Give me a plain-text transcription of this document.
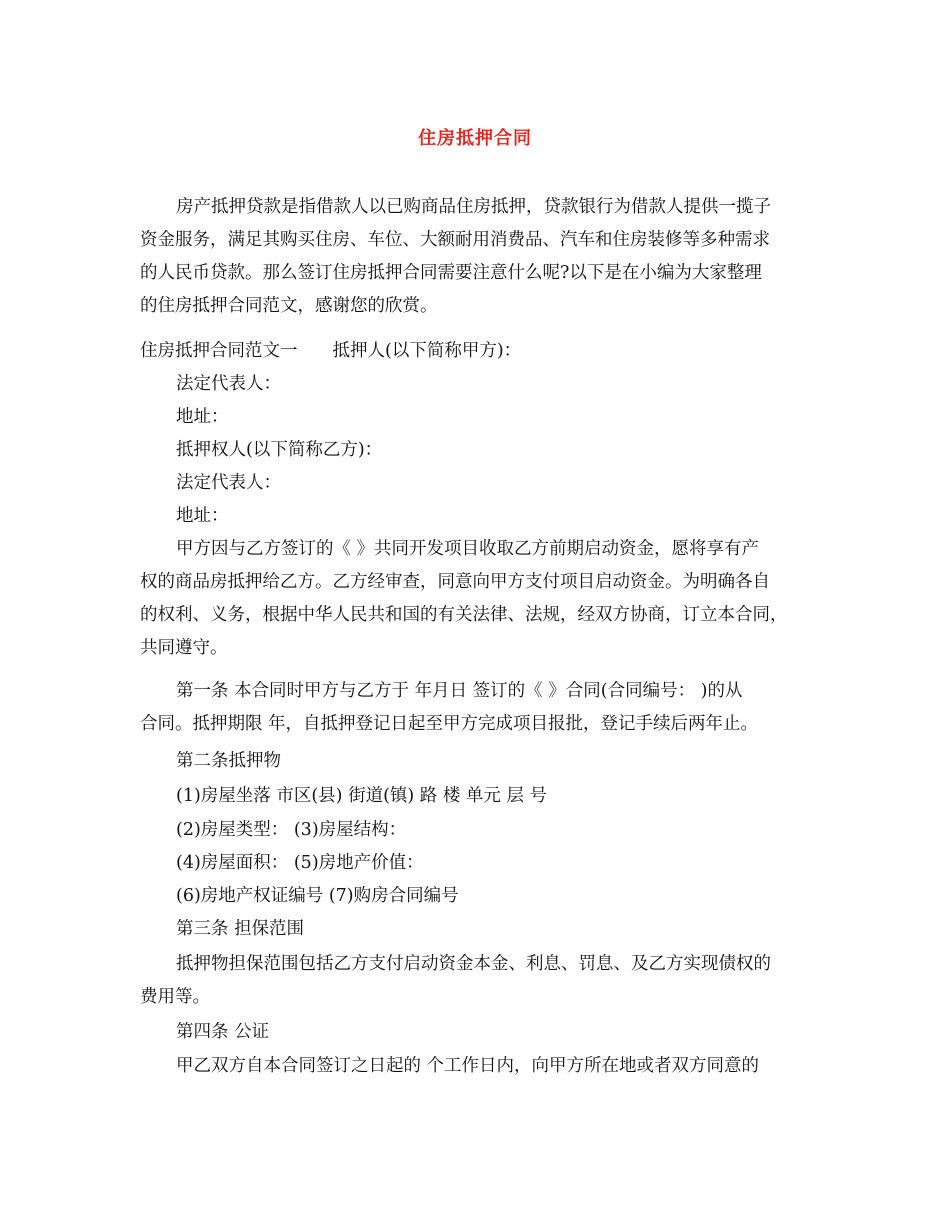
住房抵押合同

房产抵押贷款是指借款人以已购商品住房抵押，贷款银行为借款人提供一揽子

资金服务，满足其购买住房、车位、大额耐用消费品、汽车和住房装修等多种需求

的人民币贷款。那么签订住房抵押合同需要注意什么呢?以下是在小编为大家整理

的住房抵押合同范文，感谢您的欣赏。

住房抵押合同范文一　　抵押人(以下简称甲方)：

法定代表人：

地址：

抵押权人(以下简称乙方)：

法定代表人：

地址：

甲方因与乙方签订的《 》共同开发项目收取乙方前期启动资金，愿将享有产

权的商品房抵押给乙方。乙方经审查，同意向甲方支付项目启动资金。为明确各自

的权利、义务，根据中华人民共和国的有关法律、法规，经双方协商，订立本合同，

共同遵守。

第一条 本合同时甲方与乙方于 年月日 签订的《 》合同(合同编号： )的从

合同。抵押期限 年，自抵押登记日起至甲方完成项目报批，登记手续后两年止。

第二条抵押物

(1)房屋坐落 市区(县) 街道(镇) 路 楼 单元 层 号

(2)房屋类型： (3)房屋结构：

(4)房屋面积： (5)房地产价值：

(6)房地产权证编号 (7)购房合同编号

第三条 担保范围

抵押物担保范围包括乙方支付启动资金本金、利息、罚息、及乙方实现债权的

费用等。

第四条 公证

甲乙双方自本合同签订之日起的 个工作日内，向甲方所在地或者双方同意的
